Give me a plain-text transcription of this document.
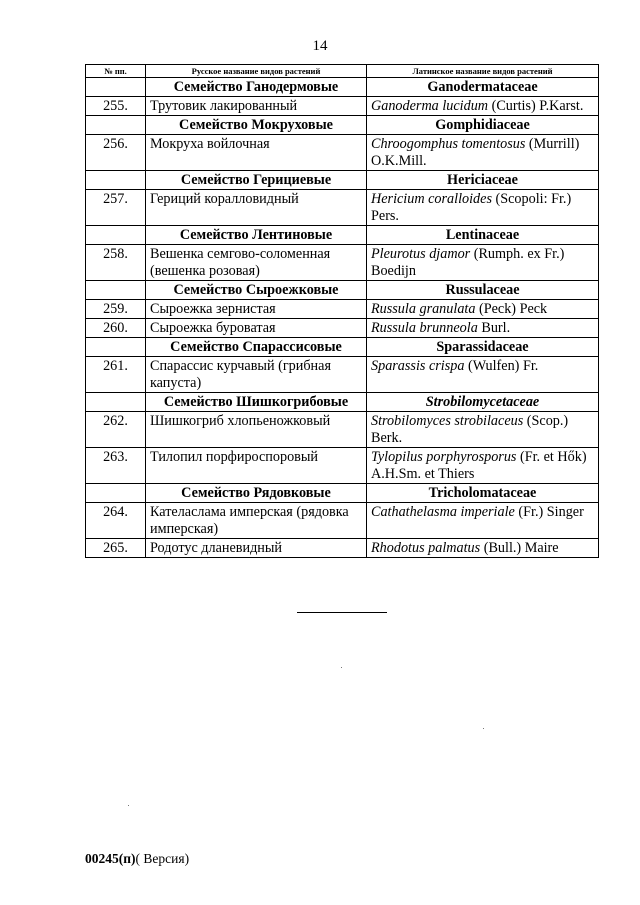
14
№ пп.	Русское название видов растений	Латинское название видов растений
	Семейство Ганодермовые	Ganodermataceae
255.	Трутовик лакированный	Ganoderma lucidum (Curtis) P.Karst.
	Семейство Мокруховые	Gomphidiaceae
256.	Мокруха войлочная	Chroogomphus tomentosus (Murrill) O.K.Mill.
	Семейство Герициевые	Hericiaceae
257.	Гериций коралловидный	Hericium coralloides (Scopoli: Fr.) Pers.
	Семейство Лентиновые	Lentinaceae
258.	Вешенка семгово-соломенная (вешенка розовая)	Pleurotus djamor (Rumph. ex Fr.) Boedijn
	Семейство Сыроежковые	Russulaceae
259.	Сыроежка зернистая	Russula granulata (Peck) Peck
260.	Сыроежка буроватая	Russula brunneola Burl.
	Семейство Спарассисовые	Sparassidaceae
261.	Спарассис курчавый (грибная капуста)	Sparassis crispa (Wulfen) Fr.
	Семейство Шишкогрибовые	Strobilomycetaceae
262.	Шишкогриб хлопьеножковый	Strobilomyces strobilaceus (Scop.) Berk.
263.	Тилопил порфироспоровый	Tylopilus porphyrosporus (Fr. et Hők) A.H.Sm. et Thiers
	Семейство Рядовковые	Tricholomataceae
264.	Кателаслама имперская (рядовка имперская)	Cathathelasma imperiale (Fr.) Singer
265.	Родотус дланевидный	Rhodotus palmatus (Bull.) Maire
00245(п)( Версия)
